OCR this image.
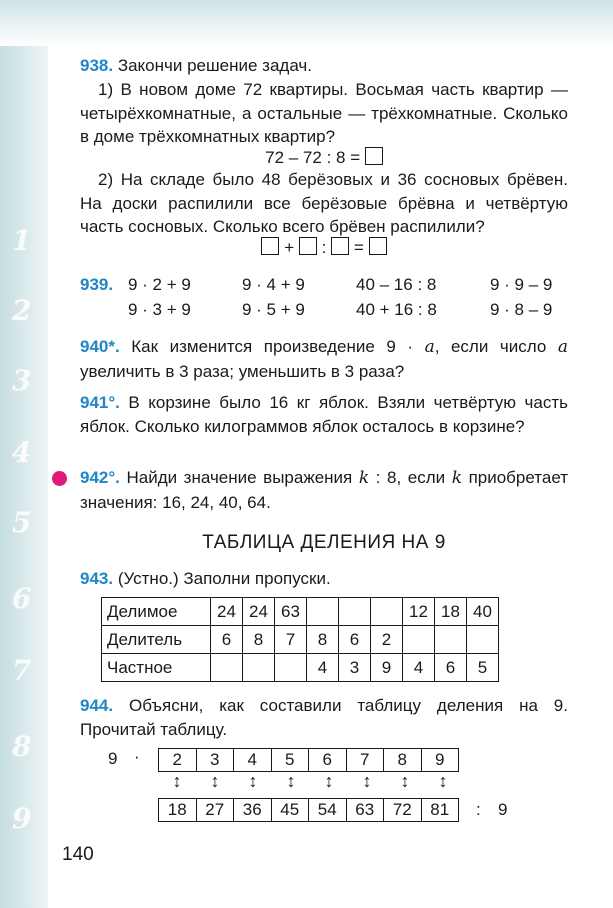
1
2
3
4
5
6
7
8
9

938. Закончи решение задач.

1) В новом доме 72 квартиры. Восьмая часть квартир — четырёхкомнатные, а остальные — трёхкомнатные. Сколько в доме трёхкомнатных квартир?

72 – 72 : 8 =

2) На складе было 48 берёзовых и 36 сосновых брёвен. На доски распилили все берёзовые брёвна и четвёртую часть сосновых. Сколько всего брёвен распилили?

+ : =
939. 9 · 2 + 9	9 · 4 + 9	40 – 16 : 8	9 · 9 – 9
9 · 3 + 9	9 · 5 + 9	40 + 16 : 8	9 · 8 – 9

940*. Как изменится произведение 9 · a, если число a увеличить в 3 раза; уменьшить в 3 раза?

941°. В корзине было 16 кг яблок. Взяли четвёртую часть яблок. Сколько килограммов яблок осталось в корзине?

942°. Найди значение выражения k : 8, если k приобретает значения: 16, 24, 40, 64.

ТАБЛИЦА ДЕЛЕНИЯ НА 9

943. (Устно.) Заполни пропуски.

Делимое	24	24	63				12	18	40
Делитель	6	8	7	8	6	2			
Частное				4	3	9	4	6	5

944. Объясни, как составили таблицу деления на 9. Прочитай таблицу.

9 ·	2	3	4	5	6	7	8	9
↕	↕	↕	↕	↕	↕	↕	↕
18	27	36	45	54	63	72	81	: 9
140
